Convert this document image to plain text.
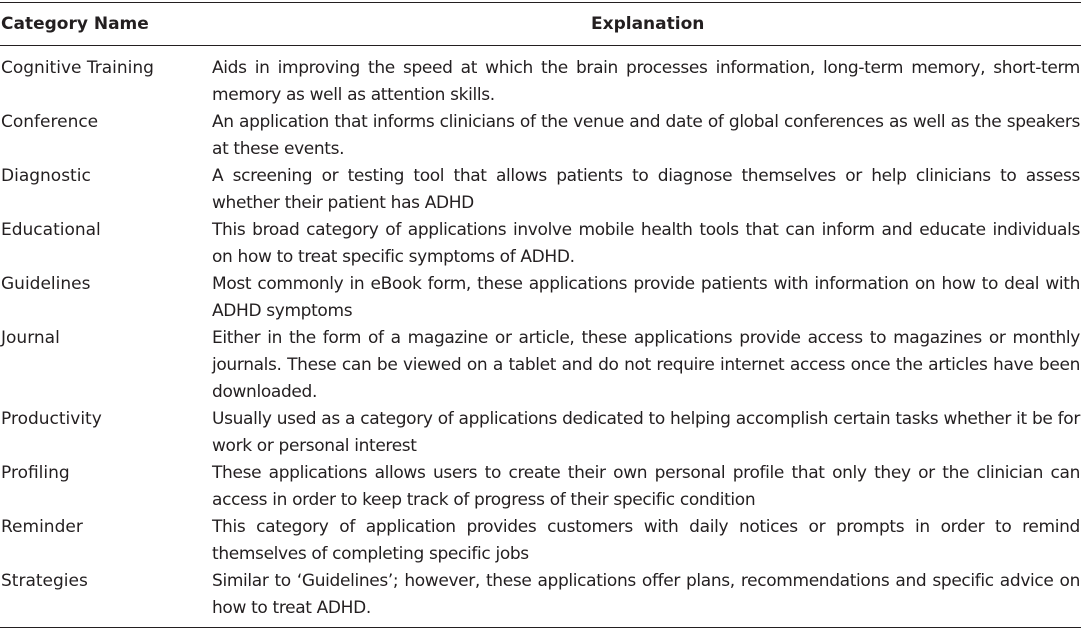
Category Name	Explanation
Cognitive Training	Aids in improving the speed at which the brain processes information, long-term memory, short-term memory as well as attention skills.
Conference	An application that informs clinicians of the venue and date of global conferences as well as the speakers at these events.
Diagnostic	A screening or testing tool that allows patients to diagnose themselves or help clinicians to assess whether their patient has ADHD
Educational	This broad category of applications involve mobile health tools that can inform and educate individuals on how to treat specific symptoms of ADHD.
Guidelines	Most commonly in eBook form, these applications provide patients with information on how to deal with ADHD symptoms
Journal	Either in the form of a magazine or article, these applications provide access to magazines or monthly journals. These can be viewed on a tablet and do not require internet access once the articles have been downloaded.
Productivity	Usually used as a category of applications dedicated to helping accomplish certain tasks whether it be for work or personal interest
Profiling	These applications allows users to create their own personal profile that only they or the clinician can access in order to keep track of progress of their specific condition
Reminder	This category of application provides customers with daily notices or prompts in order to remind themselves of completing specific jobs
Strategies	Similar to ‘Guidelines’; however, these applications offer plans, recommendations and specific advice on how to treat ADHD.
